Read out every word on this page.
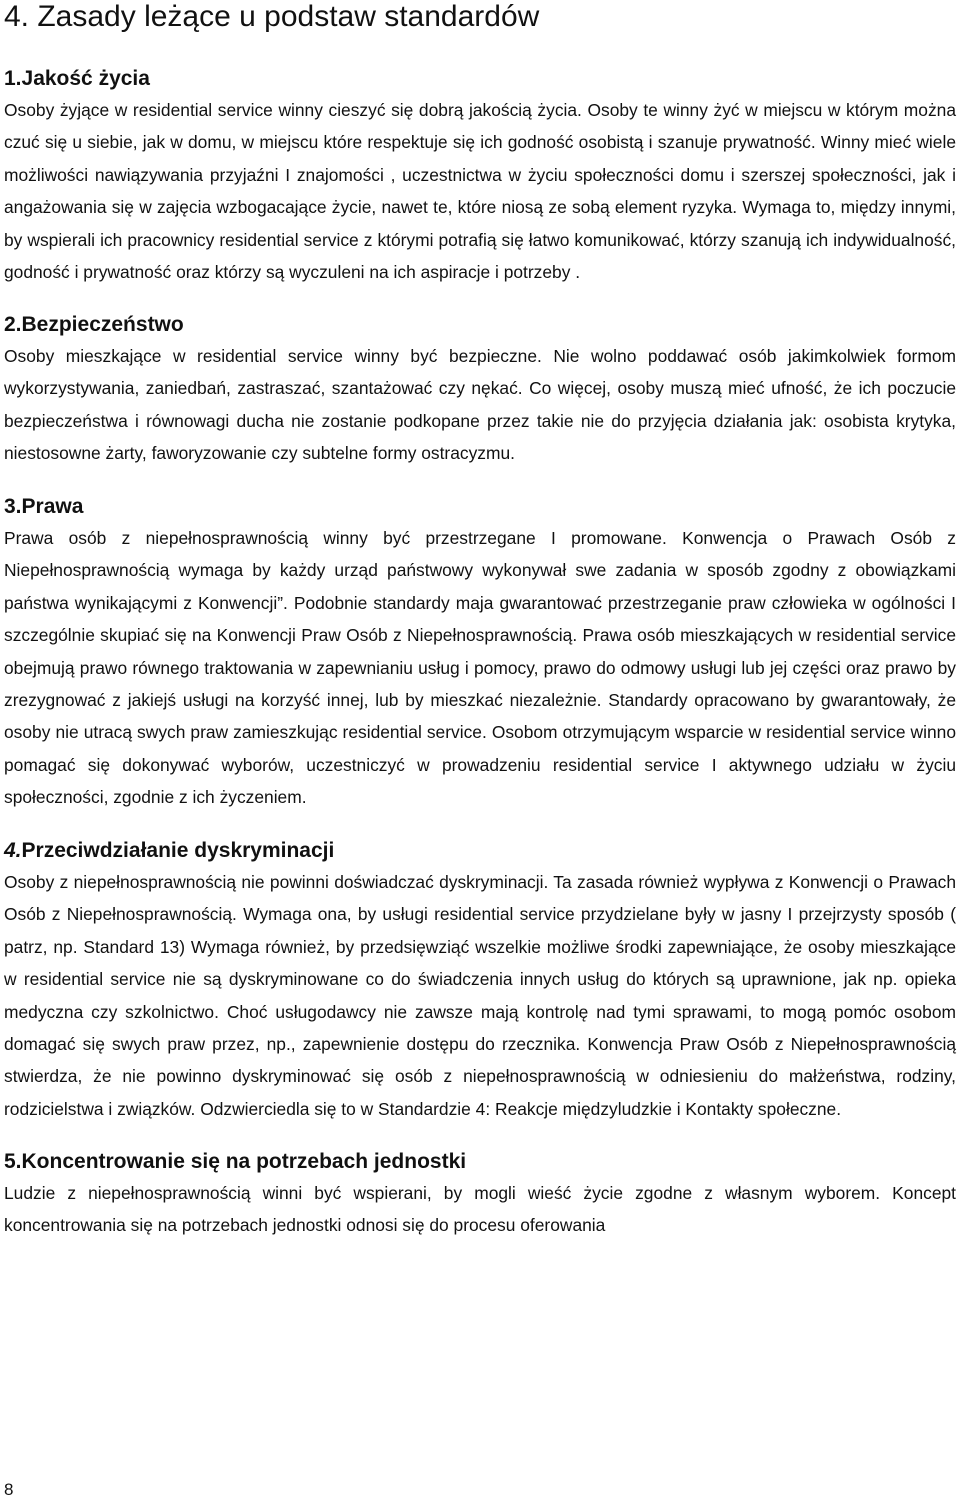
4. Zasady leżące u podstaw standardów
1.Jakość życia

Osoby żyjące w residential service winny cieszyć się dobrą jakością życia. Osoby te winny żyć w miejscu w którym można czuć się u siebie, jak w domu, w miejscu które respektuje się ich godność osobistą i szanuje prywatność. Winny mieć wiele możliwości nawiązywania przyjaźni I znajomości , uczestnictwa w życiu społeczności domu i szerszej społeczności, jak i angażowania się w zajęcia wzbogacające życie, nawet te, które niosą ze sobą element ryzyka. Wymaga to, między innymi, by wspierali ich pracownicy residential service z którymi potrafią się łatwo komunikować, którzy szanują ich indywidualność, godność i prywatność oraz którzy są wyczuleni na ich aspiracje i potrzeby .

2.Bezpieczeństwo

Osoby mieszkające w residential service winny być bezpieczne. Nie wolno poddawać osób jakimkolwiek formom wykorzystywania, zaniedbań, zastraszać, szantażować czy nękać. Co więcej, osoby muszą mieć ufność, że ich poczucie bezpieczeństwa i równowagi ducha nie zostanie podkopane przez takie nie do przyjęcia działania jak: osobista krytyka, niestosowne żarty, faworyzowanie czy subtelne formy ostracyzmu.

3.Prawa

Prawa osób z niepełnosprawnością winny być przestrzegane I promowane. Konwencja o Prawach Osób z Niepełnosprawnością wymaga by każdy urząd państwowy wykonywał swe zadania w sposób zgodny z obowiązkami państwa wynikającymi z Konwencji”. Podobnie standardy maja gwarantować przestrzeganie praw człowieka w ogólności I szczególnie skupiać się na Konwencji Praw Osób z Niepełnosprawnością. Prawa osób mieszkających w residential service obejmują prawo równego traktowania w zapewnianiu usług i pomocy, prawo do odmowy usługi lub jej części oraz prawo by zrezygnować z jakiejś usługi na korzyść innej, lub by mieszkać niezależnie. Standardy opracowano by gwarantowały, że osoby nie utracą swych praw zamieszkując residential service. Osobom otrzymującym wsparcie w residential service winno pomagać się dokonywać wyborów, uczestniczyć w prowadzeniu residential service I aktywnego udziału w życiu społeczności, zgodnie z ich życzeniem.

4.Przeciwdziałanie dyskryminacji

Osoby z niepełnosprawnością nie powinni doświadczać dyskryminacji. Ta zasada również wypływa z Konwencji o Prawach Osób z Niepełnosprawnością. Wymaga ona, by usługi residential service przydzielane były w jasny I przejrzysty sposób ( patrz, np. Standard 13) Wymaga również, by przedsięwziąć wszelkie możliwe środki zapewniające, że osoby mieszkające w residential service nie są dyskryminowane co do świadczenia innych usług do których są uprawnione, jak np. opieka medyczna czy szkolnictwo. Choć usługodawcy nie zawsze mają kontrolę nad tymi sprawami, to mogą pomóc osobom domagać się swych praw przez, np., zapewnienie dostępu do rzecznika. Konwencja Praw Osób z Niepełnosprawnością stwierdza, że nie powinno dyskryminować się osób z niepełnosprawnością w odniesieniu do małżeństwa, rodziny, rodzicielstwa i związków. Odzwierciedla się to w Standardzie 4: Reakcje międzyludzkie i Kontakty społeczne.

5.Koncentrowanie się na potrzebach jednostki

Ludzie z niepełnosprawnością winni być wspierani, by mogli wieść życie zgodne z własnym wyborem. Koncept koncentrowania się na potrzebach jednostki odnosi się do procesu oferowania

8
